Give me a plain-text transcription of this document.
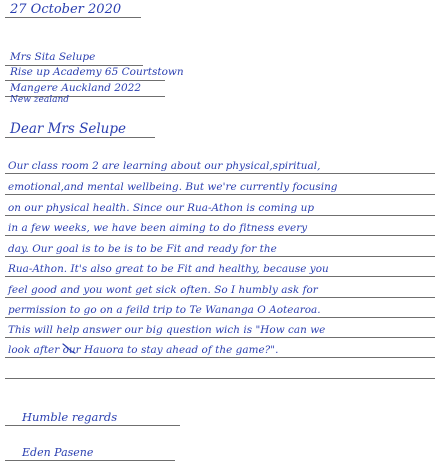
27 October 2020
Mrs Sita Selupe
Rise up Academy 65 Courtstown
Mangere Auckland 2022
New zealand
Dear Mrs Selupe
Our class room 2 are learning about our physical,spiritual,
emotional,and mental wellbeing. But we're currently focusing
on our physical health. Since our Rua-Athon is coming up
in a few weeks, we have been aiming to do fitness every
day. Our goal is to be is to be Fit and ready for the
Rua-Athon. It's also great to be Fit and healthy, because you
feel good and you wont get sick often. So I humbly ask for
permission to go on a feild trip to Te Wananga O Aotearoa.
This will help answer our big question wich is "How can we
look after our Hauora to stay ahead of the game?".
Humble regards
Eden Pasene
